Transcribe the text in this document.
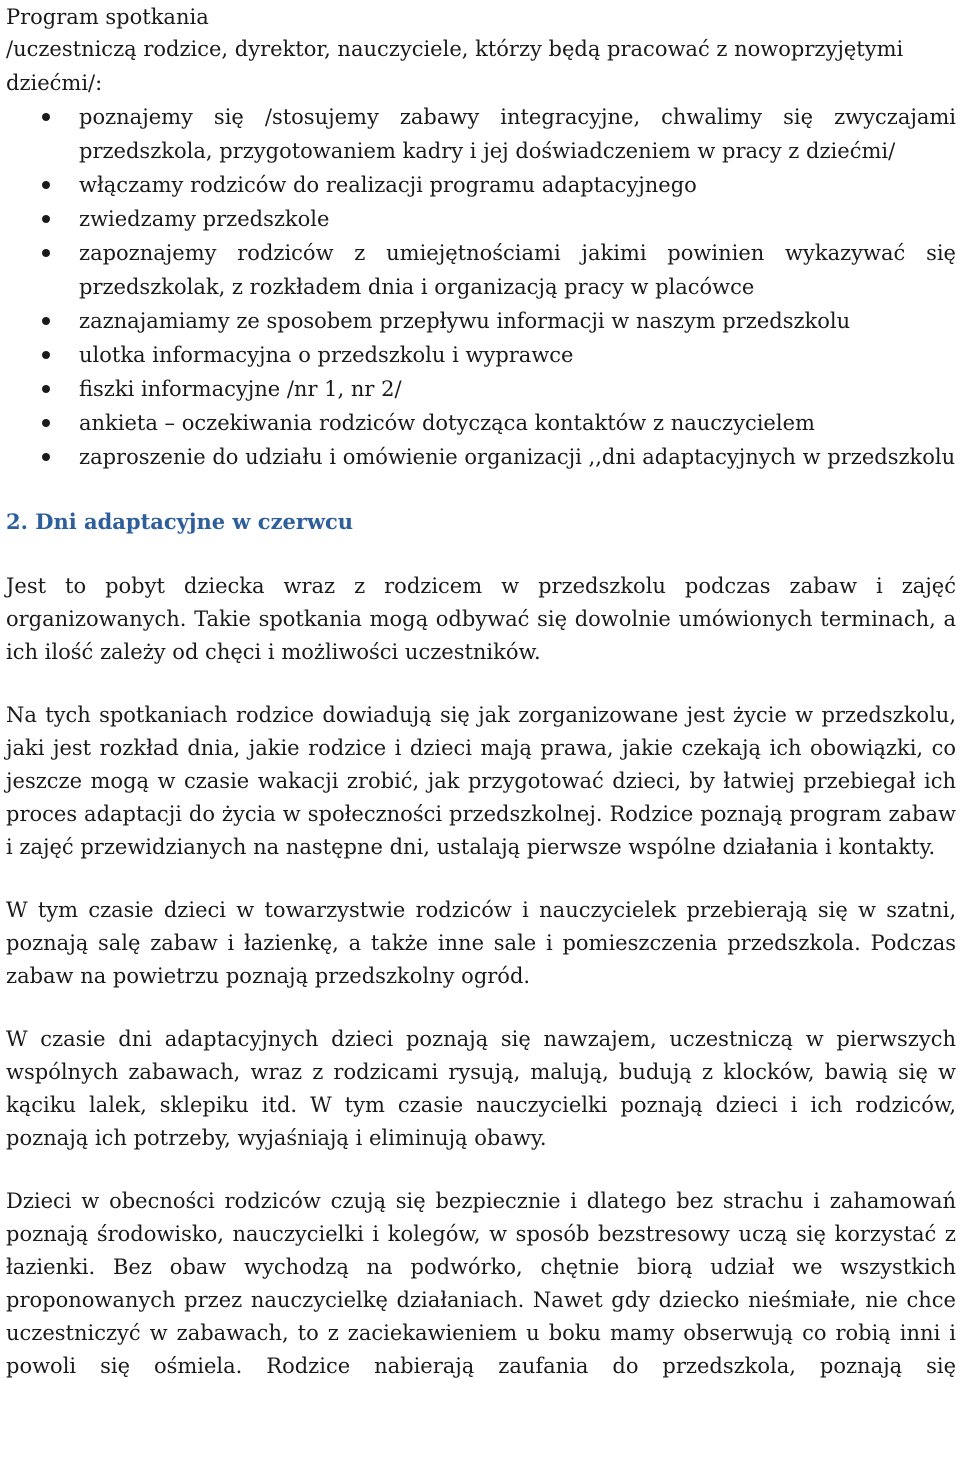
Program spotkania
/uczestniczą rodzice, dyrektor, nauczyciele, którzy będą pracować z nowoprzyjętymi dziećmi/:
poznajemy się /stosujemy zabawy integracyjne, chwalimy się zwyczajami przedszkola, przygotowaniem kadry i jej doświadczeniem w pracy z dziećmi/
włączamy rodziców do realizacji programu adaptacyjnego
zwiedzamy przedszkole
zapoznajemy rodziców z umiejętnościami jakimi powinien wykazywać się przedszkolak, z rozkładem dnia i organizacją pracy w placówce
zaznajamiamy ze sposobem przepływu informacji w naszym przedszkolu
ulotka informacyjna o przedszkolu i wyprawce
fiszki informacyjne /nr 1, nr 2/
ankieta – oczekiwania rodziców dotycząca kontaktów z nauczycielem
zaproszenie do udziału i omówienie organizacji ,,dni adaptacyjnych w przedszkolu
2. Dni adaptacyjne w czerwcu

Jest to pobyt dziecka wraz z rodzicem w przedszkolu podczas zabaw i zajęć organizowanych. Takie spotkania mogą odbywać się dowolnie umówionych terminach, a ich ilość zależy od chęci i możliwości uczestników.

Na tych spotkaniach rodzice dowiadują się jak zorganizowane jest życie w przedszkolu, jaki jest rozkład dnia, jakie rodzice i dzieci mają prawa, jakie czekają ich obowiązki, co jeszcze mogą w czasie wakacji zrobić, jak przygotować dzieci, by łatwiej przebiegał ich proces adaptacji do życia w społeczności przedszkolnej. Rodzice poznają program zabaw i zajęć przewidzianych na następne dni, ustalają pierwsze wspólne działania i kontakty.

W tym czasie dzieci w towarzystwie rodziców i nauczycielek przebierają się w szatni, poznają salę zabaw i łazienkę, a także inne sale i pomieszczenia przedszkola. Podczas zabaw na powietrzu poznają przedszkolny ogród.

W czasie dni adaptacyjnych dzieci poznają się nawzajem, uczestniczą w pierwszych wspólnych zabawach, wraz z rodzicami rysują, malują, budują z klocków, bawią się w kąciku lalek, sklepiku itd. W tym czasie nauczycielki poznają dzieci i ich rodziców, poznają ich potrzeby, wyjaśniają i eliminują obawy.

Dzieci w obecności rodziców czują się bezpiecznie i dlatego bez strachu i zahamowań poznają środowisko, nauczycielki i kolegów, w sposób bezstresowy uczą się korzystać z łazienki. Bez obaw wychodzą na podwórko, chętnie biorą udział we wszystkich proponowanych przez nauczycielkę działaniach. Nawet gdy dziecko nieśmiałe, nie chce uczestniczyć w zabawach, to z zaciekawieniem u boku mamy obserwują co robią inni i powoli się ośmiela. Rodzice nabierają zaufania do przedszkola, poznają się
